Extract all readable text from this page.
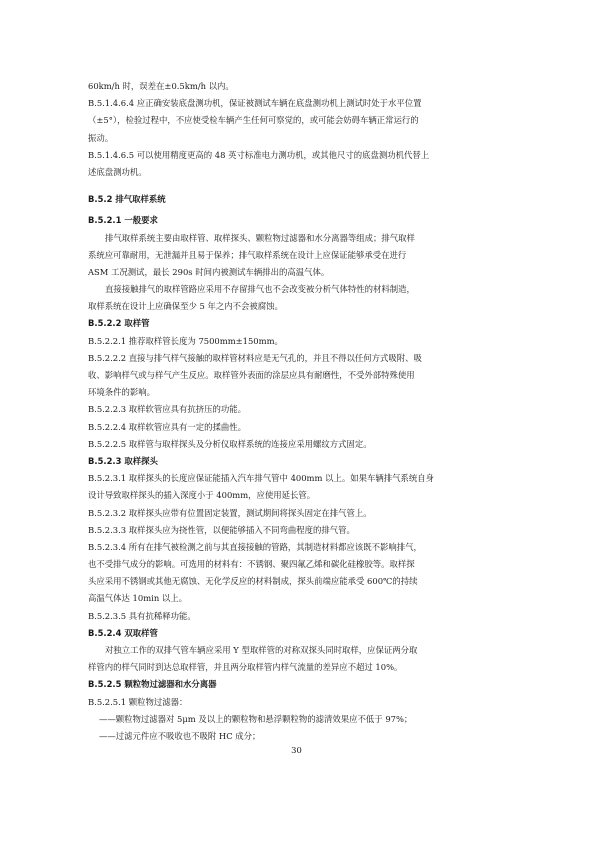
60km/h 时，误差在±0.5km/h 以内。
B.5.1.4.6.4 应正确安装底盘测功机，保证被测试车辆在底盘测功机上测试时处于水平位置
（±5°），检验过程中，不应使受检车辆产生任何可察觉的，或可能会妨碍车辆正常运行的
振动。
B.5.1.4.6.5 可以使用精度更高的 48 英寸标准电力测功机，或其他尺寸的底盘测功机代替上
述底盘测功机。
B.5.2 排气取样系统
B.5.2.1 一般要求
排气取样系统主要由取样管、取样探头、颗粒物过滤器和水分离器等组成；排气取样
系统应可靠耐用，无泄漏并且易于保养；排气取样系统在设计上应保证能够承受在进行
ASM 工况测试，最长 290s 时间内被测试车辆排出的高温气体。
直接接触排气的取样管路应采用不存留排气也不会改变被分析气体特性的材料制造，
取样系统在设计上应确保至少 5 年之内不会被腐蚀。
B.5.2.2 取样管
B.5.2.2.1 推荐取样管长度为 7500mm±150mm。
B.5.2.2.2 直接与排气样气接触的取样管材料应是无气孔的，并且不得以任何方式吸附、吸
收、影响样气或与样气产生反应。取样管外表面的涂层应具有耐磨性，不受外部特殊使用
环境条件的影响。
B.5.2.2.3 取样软管应具有抗挤压的功能。
B.5.2.2.4 取样软管应具有一定的揉曲性。
B.5.2.2.5 取样管与取样探头及分析仪取样系统的连接应采用螺纹方式固定。
B.5.2.3 取样探头
B.5.2.3.1 取样探头的长度应保证能插入汽车排气管中 400mm 以上。如果车辆排气系统自身
设计导致取样探头的插入深度小于 400mm，应使用延长管。
B.5.2.3.2 取样探头应带有位置固定装置，测试期间将探头固定在排气管上。
B.5.2.3.3 取样探头应为挠性管，以便能够插入不同弯曲程度的排气管。
B.5.2.3.4 所有在排气被检测之前与其直接接触的管路，其制造材料都应该既不影响排气，
也不受排气成分的影响。可选用的材料有：不锈钢、聚四氟乙烯和碳化硅橡胶等。取样探
头应采用不锈钢或其他无腐蚀、无化学反应的材料制成，探头前端应能承受 600℃的持续
高温气体达 10min 以上。
B.5.2.3.5 具有抗稀释功能。
B.5.2.4 双取样管
对独立工作的双排气管车辆应采用 Y 型取样管的对称双探头同时取样，应保证两分取
样管内的样气同时到达总取样管，并且两分取样管内样气流量的差异应不超过 10%。
B.5.2.5 颗粒物过滤器和水分离器
B.5.2.5.1 颗粒物过滤器：
——颗粒物过滤器对 5μm 及以上的颗粒物和悬浮颗粒物的滤清效果应不低于 97%；
——过滤元件应不吸收也不吸附 HC 成分；
30
